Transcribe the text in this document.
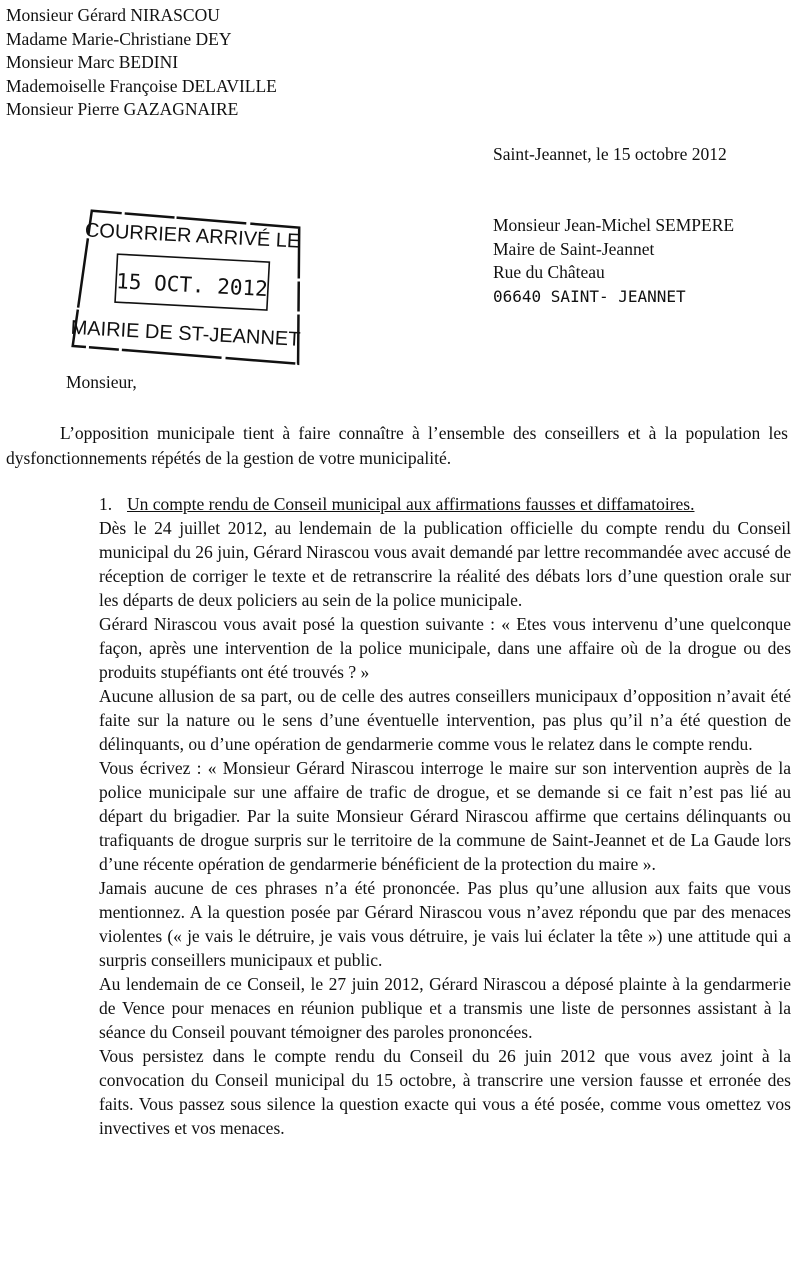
Monsieur Gérard NIRASCOU
Madame Marie-Christiane DEY
Monsieur Marc BEDINI
Mademoiselle Françoise DELAVILLE
Monsieur Pierre GAZAGNAIRE
Saint-Jeannet, le 15 octobre 2012
Monsieur Jean-Michel SEMPERE
Maire de Saint-Jeannet
Rue du Château
06640 SAINT- JEANNET
COURRIER ARRIVÉ LE
15 OCT. 2012
MAIRIE DE ST-JEANNET
Monsieur,

L’opposition municipale tient à faire connaître à l’ensemble des conseillers et à la population les dysfonctionnements répétés de la gestion de votre municipalité.

1. Un compte rendu de Conseil municipal aux affirmations fausses et diffamatoires.

Dès le 24 juillet 2012, au lendemain de la publication officielle du compte rendu du Conseil municipal du 26 juin, Gérard Nirascou vous avait demandé par lettre recommandée avec accusé de réception de corriger le texte et de retranscrire la réalité des débats lors d’une question orale sur les départs de deux policiers au sein de la police municipale.

Gérard Nirascou vous avait posé la question suivante : « Etes vous intervenu d’une quelconque façon, après une intervention de la police municipale, dans une affaire où de la drogue ou des produits stupéfiants ont été trouvés ? »

Aucune allusion de sa part, ou de celle des autres conseillers municipaux d’opposition n’avait été faite sur la nature ou le sens d’une éventuelle intervention, pas plus qu’il n’a été question de délinquants, ou d’une opération de gendarmerie comme vous le relatez dans le compte rendu.

Vous écrivez : « Monsieur Gérard Nirascou interroge le maire sur son intervention auprès de la police municipale sur une affaire de trafic de drogue, et se demande si ce fait n’est pas lié au départ du brigadier. Par la suite Monsieur Gérard Nirascou affirme que certains délinquants ou trafiquants de drogue surpris sur le territoire de la commune de Saint-Jeannet et de La Gaude lors d’une récente opération de gendarmerie bénéficient de la protection du maire ».

Jamais aucune de ces phrases n’a été prononcée. Pas plus qu’une allusion aux faits que vous mentionnez. A la question posée par Gérard Nirascou vous n’avez répondu que par des menaces violentes (« je vais le détruire, je vais vous détruire, je vais lui éclater la tête ») une attitude qui a surpris conseillers municipaux et public.

Au lendemain de ce Conseil, le 27 juin 2012, Gérard Nirascou a déposé plainte à la gendarmerie de Vence pour menaces en réunion publique et a transmis une liste de personnes assistant à la séance du Conseil pouvant témoigner des paroles prononcées.

Vous persistez dans le compte rendu du Conseil du 26 juin 2012 que vous avez joint à la convocation du Conseil municipal du 15 octobre, à transcrire une version fausse et erronée des faits. Vous passez sous silence la question exacte qui vous a été posée, comme vous omettez vos invectives et vos menaces.
